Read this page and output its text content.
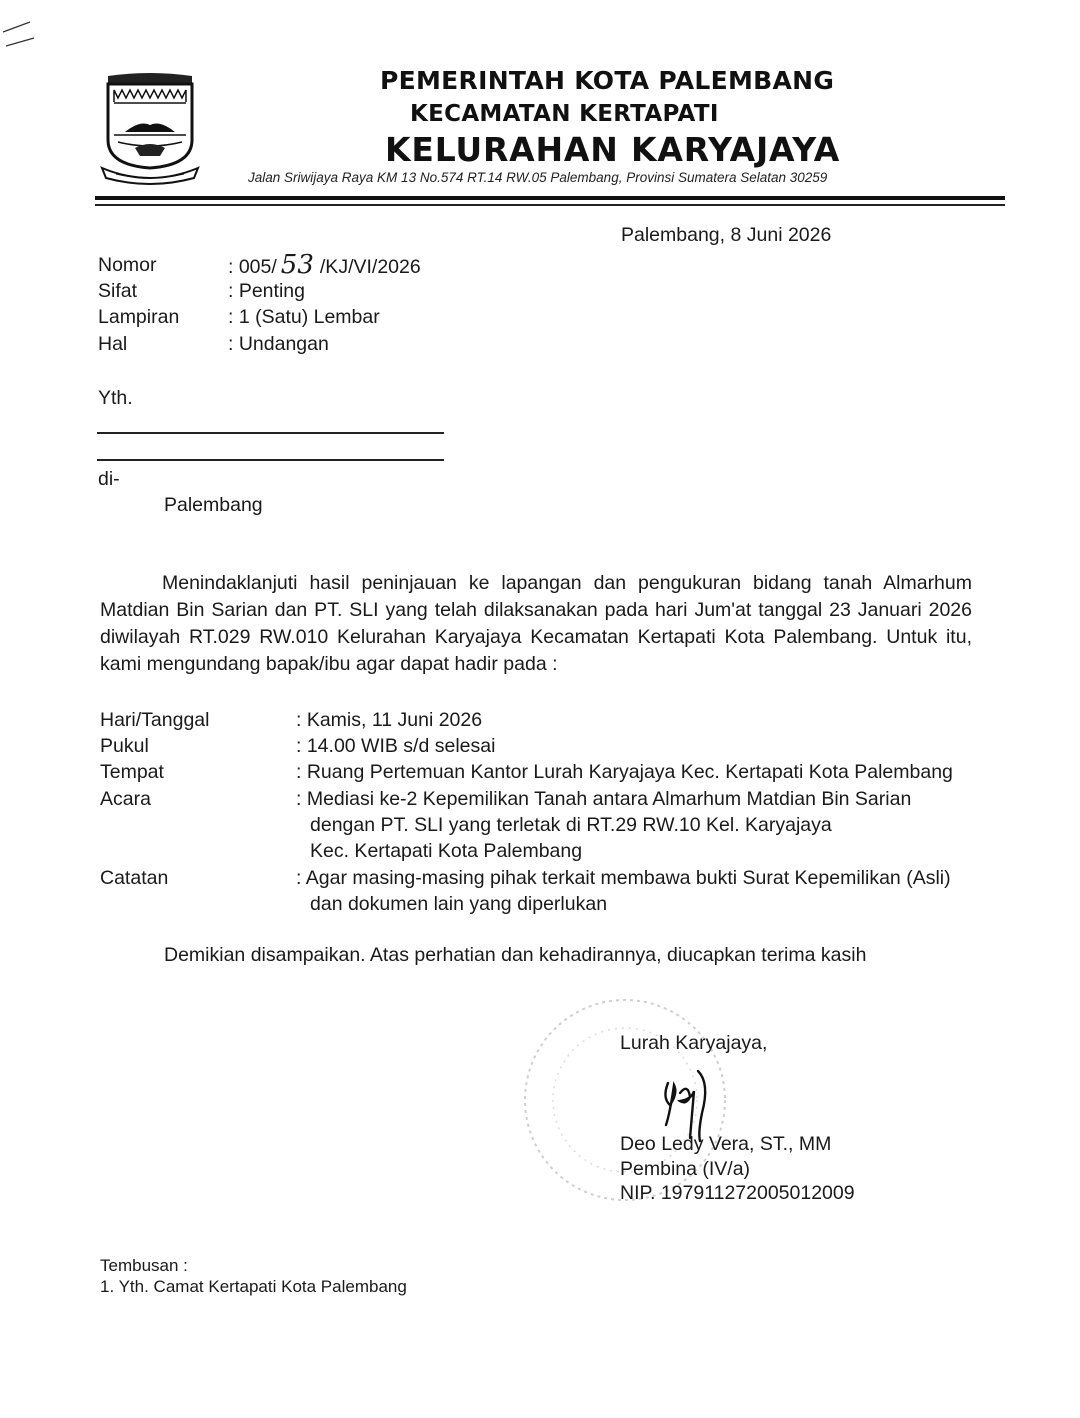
PEMERINTAH KOTA PALEMBANG
KECAMATAN KERTAPATI
KELURAHAN KARYAJAYA
Jalan Sriwijaya Raya KM 13 No.574 RT.14 RW.05 Palembang, Provinsi Sumatera Selatan 30259
Palembang, 8 Juni 2026
Nomor	: 005/ 53 /KJ/VI/2026
Sifat	: Penting
Lampiran : 1 (Satu) Lembar
Hal	: Undangan
Yth.
di-
Palembang
Menindaklanjuti hasil peninjauan ke lapangan dan pengukuran bidang tanah Almarhum Matdian Bin Sarian dan PT. SLI yang telah dilaksanakan pada hari Jum'at tanggal 23 Januari 2026 diwilayah RT.029 RW.010 Kelurahan Karyajaya Kecamatan Kertapati Kota Palembang. Untuk itu, kami mengundang bapak/ibu agar dapat hadir pada :
Hari/Tanggal	: Kamis, 11 Juni 2026
Pukul	: 14.00 WIB s/d selesai
Tempat	: Ruang Pertemuan Kantor Lurah Karyajaya Kec. Kertapati Kota Palembang
Acara	: Mediasi ke-2 Kepemilikan Tanah antara Almarhum Matdian Bin Sarian
dengan PT. SLI yang terletak di RT.29 RW.10 Kel. Karyajaya
Kec. Kertapati Kota Palembang
Catatan	: Agar masing-masing pihak terkait membawa bukti Surat Kepemilikan (Asli)
dan dokumen lain yang diperlukan
Demikian disampaikan. Atas perhatian dan kehadirannya, diucapkan terima kasih
Lurah Karyajaya,
Deo Ledy Vera, ST., MM
Pembina (IV/a)
NIP. 197911272005012009
Tembusan :
1. Yth. Camat Kertapati Kota Palembang
